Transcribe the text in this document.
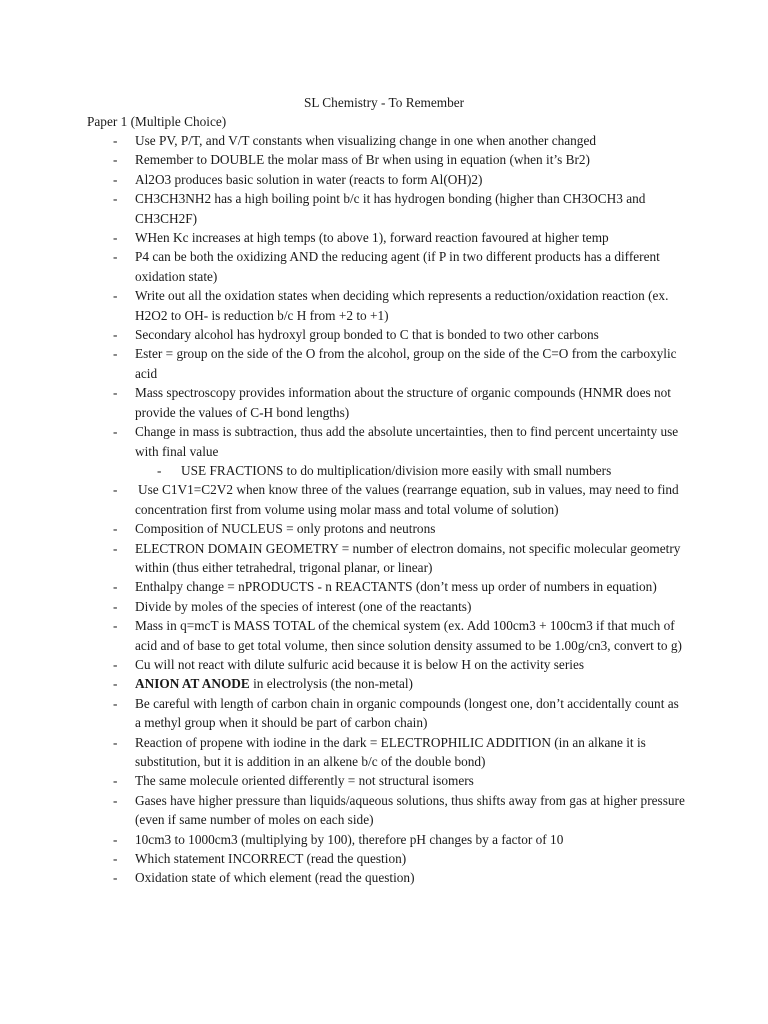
SL Chemistry - To Remember
Paper 1 (Multiple Choice)
- Use PV, P/T, and V/T constants when visualizing change in one when another changed
- Remember to DOUBLE the molar mass of Br when using in equation (when it’s Br2)
- Al2O3 produces basic solution in water (reacts to form Al(OH)2)
- CH3CH3NH2 has a high boiling point b/c it has hydrogen bonding (higher than CH3OCH3 and CH3CH2F)
- WHen Kc increases at high temps (to above 1), forward reaction favoured at higher temp
- P4 can be both the oxidizing AND the reducing agent (if P in two different products has a different oxidation state)
- Write out all the oxidation states when deciding which represents a reduction/oxidation reaction (ex. H2O2 to OH- is reduction b/c H from +2 to +1)
- Secondary alcohol has hydroxyl group bonded to C that is bonded to two other carbons
- Ester = group on the side of the O from the alcohol, group on the side of the C=O from the carboxylic acid
- Mass spectroscopy provides information about the structure of organic compounds (HNMR does not provide the values of C-H bond lengths)
- Change in mass is subtraction, thus add the absolute uncertainties, then to find percent uncertainty use with final value
- USE FRACTIONS to do multiplication/division more easily with small numbers
- Use C1V1=C2V2 when know three of the values (rearrange equation, sub in values, may need to find concentration first from volume using molar mass and total volume of solution)
- Composition of NUCLEUS = only protons and neutrons
- ELECTRON DOMAIN GEOMETRY = number of electron domains, not specific molecular geometry within (thus either tetrahedral, trigonal planar, or linear)
- Enthalpy change = nPRODUCTS - n REACTANTS (don’t mess up order of numbers in equation)
- Divide by moles of the species of interest (one of the reactants)
- Mass in q=mcT is MASS TOTAL of the chemical system (ex. Add 100cm3 + 100cm3 if that much of acid and of base to get total volume, then since solution density assumed to be 1.00g/cn3, convert to g)
- Cu will not react with dilute sulfuric acid because it is below H on the activity series
- ANION AT ANODE in electrolysis (the non-metal)
- Be careful with length of carbon chain in organic compounds (longest one, don’t accidentally count as a methyl group when it should be part of carbon chain)
- Reaction of propene with iodine in the dark = ELECTROPHILIC ADDITION (in an alkane it is substitution, but it is addition in an alkene b/c of the double bond)
- The same molecule oriented differently = not structural isomers
- Gases have higher pressure than liquids/aqueous solutions, thus shifts away from gas at higher pressure (even if same number of moles on each side)
- 10cm3 to 1000cm3 (multiplying by 100), therefore pH changes by a factor of 10
- Which statement INCORRECT (read the question)
- Oxidation state of which element (read the question)
